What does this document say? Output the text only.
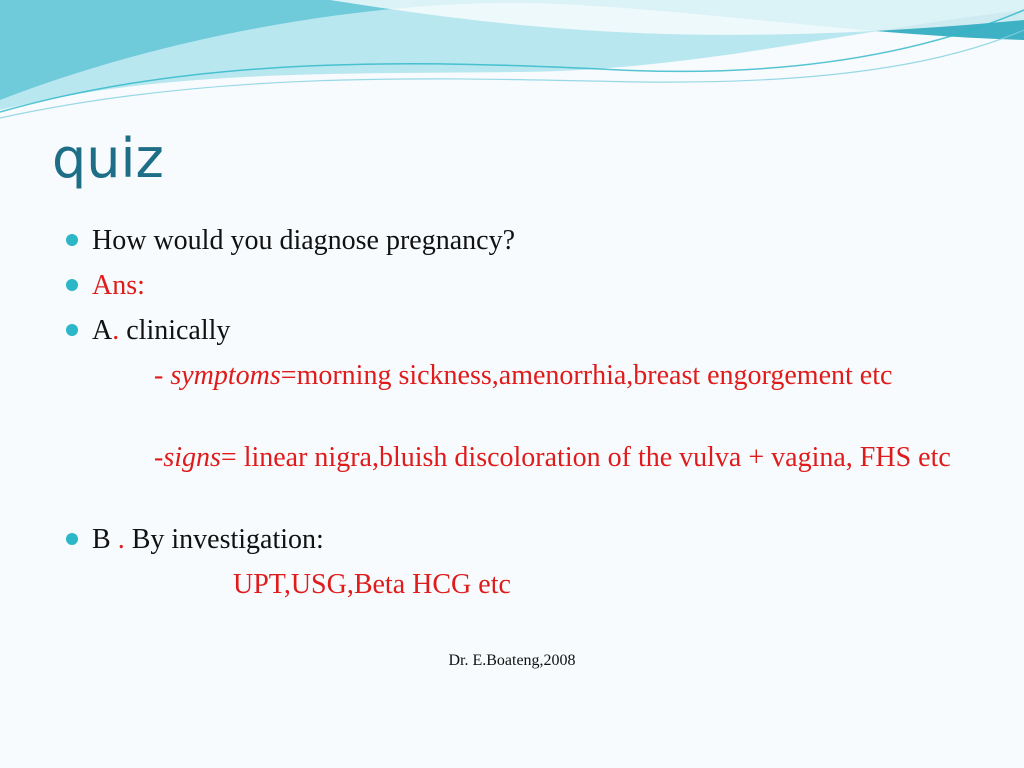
quiz
How would you diagnose pregnancy?
Ans:
A. clinically
- symptoms=morning sickness,amenorrhia,breast engorgement etc
-signs= linear nigra,bluish discoloration of the vulva + vagina, FHS etc
B . By investigation:
UPT,USG,Beta HCG etc
Dr. E.Boateng,2008
